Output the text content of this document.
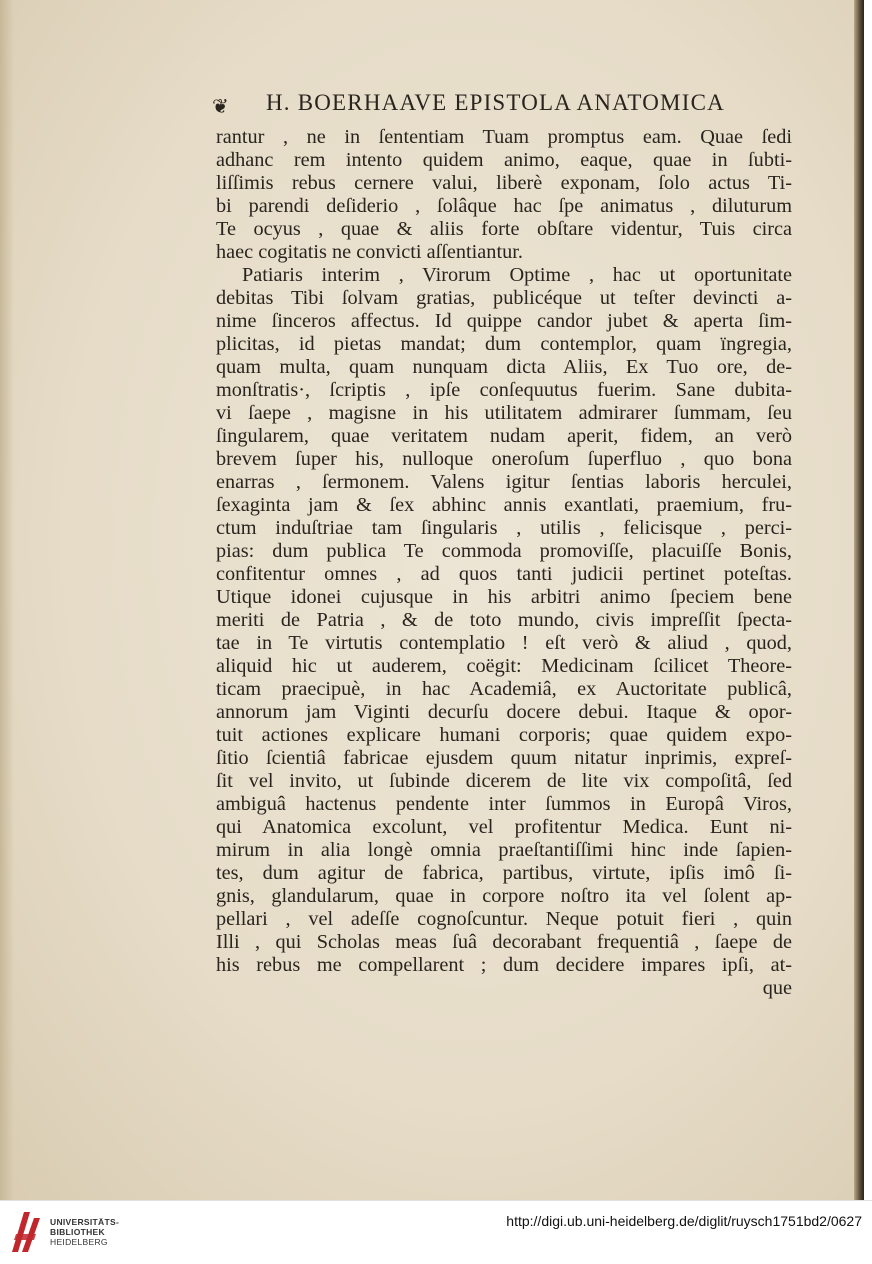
❦ H. BOERHAAVE EPISTOLA ANATOMICA
rantur , ne in ſententiam Tuam promptus eam. Quae ſedi
adhanc rem intento quidem animo, eaque, quae in ſubti-
liſſimis rebus cernere valui, liberè exponam, ſolo actus Ti-
bi parendi deſiderio , ſolâque hac ſpe animatus , diluturum
Te ocyus , quae & aliis forte obſtare videntur, Tuis circa
haec cogitatis ne convicti aſſentiantur.
Patiaris interim , Virorum Optime , hac ut oportunitate
debitas Tibi ſolvam gratias, publicéque ut teſter devincti a-
nime ſinceros affectus. Id quippe candor jubet & aperta ſim-
plicitas, id pietas mandat; dum contemplor, quam ïngregia,
quam multa, quam nunquam dicta Aliis, Ex Tuo ore, de-
monſtratis·, ſcriptis , ipſe conſequutus fuerim. Sane dubita-
vi ſaepe , magisne in his utilitatem admirarer ſummam, ſeu
ſingularem, quae veritatem nudam aperit, fidem, an verò
brevem ſuper his, nulloque oneroſum ſuperfluo , quo bona
enarras , ſermonem. Valens igitur ſentias laboris herculei,
ſexaginta jam & ſex abhinc annis exantlati, praemium, fru-
ctum induſtriae tam ſingularis , utilis , felicisque , perci-
pias: dum publica Te commoda promoviſſe, placuiſſe Bonis,
confitentur omnes , ad quos tanti judicii pertinet poteſtas.
Utique idonei cujusque in his arbitri animo ſpeciem bene
meriti de Patria , & de toto mundo, civis impreſſit ſpecta-
tae in Te virtutis contemplatio ! eſt verò & aliud , quod,
aliquid hic ut auderem, coëgit: Medicinam ſcilicet Theore-
ticam praecipuè, in hac Academiâ, ex Auctoritate publicâ,
annorum jam Viginti decurſu docere debui. Itaque & opor-
tuit actiones explicare humani corporis; quae quidem expo-
ſitio ſcientiâ fabricae ejusdem quum nitatur inprimis, expreſ-
ſit vel invito, ut ſubinde dicerem de lite vix compoſitâ, ſed
ambiguâ hactenus pendente inter ſummos in Europâ Viros,
qui Anatomica excolunt, vel profitentur Medica. Eunt ni-
mirum in alia longè omnia praeſtantiſſimi hinc inde ſapien-
tes, dum agitur de fabrica, partibus, virtute, ipſis imô ſi-
gnis, glandularum, quae in corpore noſtro ita vel ſolent ap-
pellari , vel adeſſe cognoſcuntur. Neque potuit fieri , quin
Illi , qui Scholas meas ſuâ decorabant frequentiâ , ſaepe de
his rebus me compellarent ; dum decidere impares ipſi, at-
que
UNIVERSITÄTS-
BIBLIOTHEK
HEIDELBERG
http://digi.ub.uni-heidelberg.de/diglit/ruysch1751bd2/0627
